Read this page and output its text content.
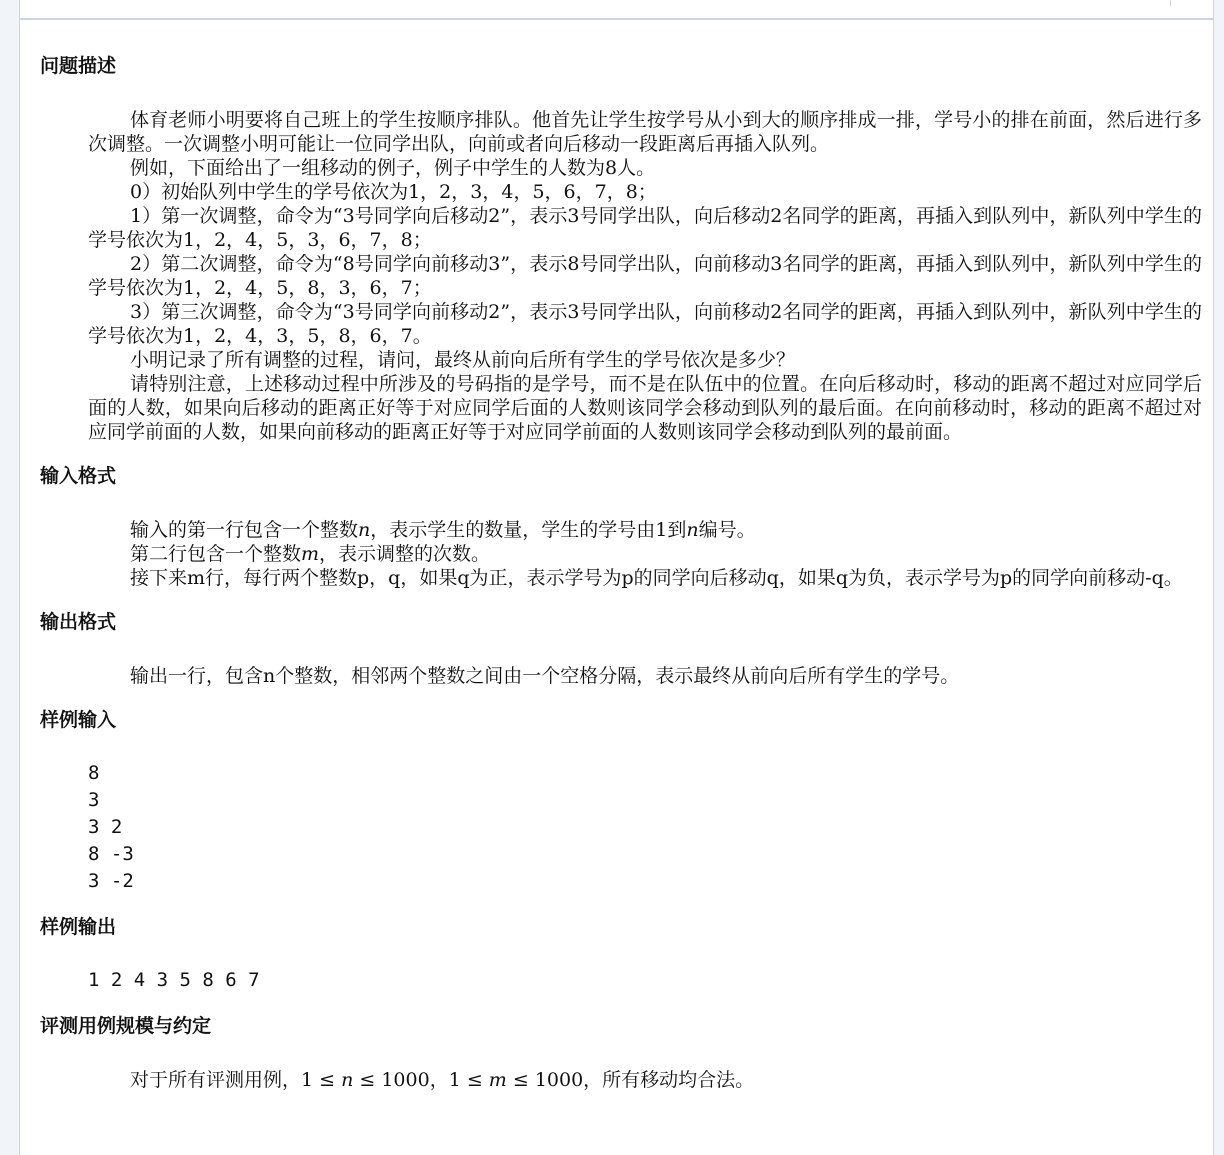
问题描述

体育老师小明要将自己班上的学生按顺序排队。他首先让学生按学号从小到大的顺序排成一排，学号小的排在前面，然后进行多次调整。一次调整小明可能让一位同学出队，向前或者向后移动一段距离后再插入队列。

例如，下面给出了一组移动的例子，例子中学生的人数为8人。

0）初始队列中学生的学号依次为1，2，3，4，5，6，7，8；

1）第一次调整，命令为“3号同学向后移动2”，表示3号同学出队，向后移动2名同学的距离，再插入到队列中，新队列中学生的学号依次为1，2，4，5，3，6，7，8；

2）第二次调整，命令为“8号同学向前移动3”，表示8号同学出队，向前移动3名同学的距离，再插入到队列中，新队列中学生的学号依次为1，2，4，5，8，3，6，7；

3）第三次调整，命令为“3号同学向前移动2”，表示3号同学出队，向前移动2名同学的距离，再插入到队列中，新队列中学生的学号依次为1，2，4，3，5，8，6，7。

小明记录了所有调整的过程，请问，最终从前向后所有学生的学号依次是多少？

请特别注意，上述移动过程中所涉及的号码指的是学号，而不是在队伍中的位置。在向后移动时，移动的距离不超过对应同学后面的人数，如果向后移动的距离正好等于对应同学后面的人数则该同学会移动到队列的最后面。在向前移动时，移动的距离不超过对应同学前面的人数，如果向前移动的距离正好等于对应同学前面的人数则该同学会移动到队列的最前面。

输入格式

输入的第一行包含一个整数n，表示学生的数量，学生的学号由1到n编号。

第二行包含一个整数m，表示调整的次数。

接下来m行，每行两个整数p，q，如果q为正，表示学号为p的同学向后移动q，如果q为负，表示学号为p的同学向前移动-q。

输出格式

输出一行，包含n个整数，相邻两个整数之间由一个空格分隔，表示最终从前向后所有学生的学号。

样例输入
8
3
3 2
8 -3
3 -2
样例输出
1 2 4 3 5 8 6 7
评测用例规模与约定

对于所有评测用例，1 ≤ n ≤ 1000，1 ≤ m ≤ 1000，所有移动均合法。
